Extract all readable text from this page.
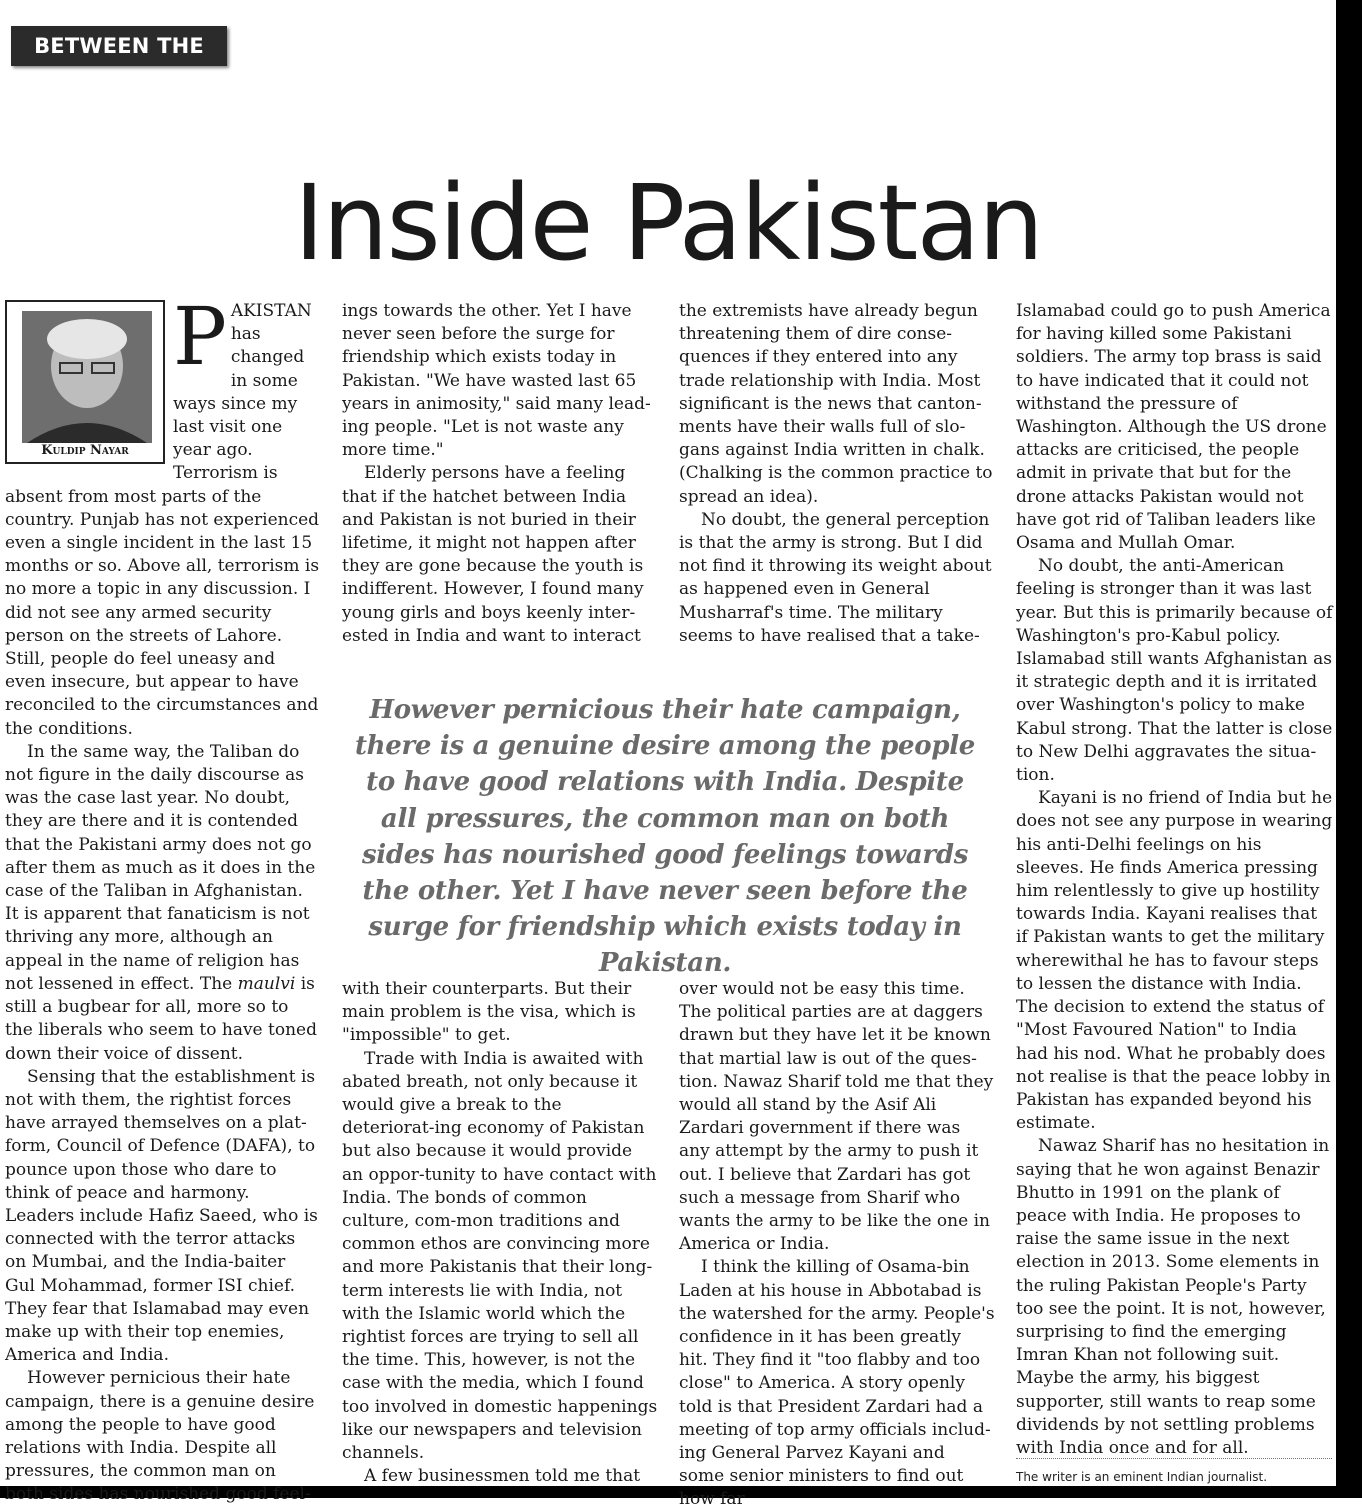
BETWEEN THE LINES
Inside Pakistan
Kuldip Nayar
P AKISTAN has changed in some ways since my last visit one year ago. Terrorism is absent from most parts of the country. Punjab has not experienced even a single incident in the last 15 months or so. Above all, terrorism is no more a topic in any discussion. I did not see any armed security person on the streets of Lahore. Still, people do feel uneasy and even insecure, but appear to have reconciled to the circumstances and the conditions.

In the same way, the Taliban do not figure in the daily discourse as was the case last year. No doubt, they are there and it is contended that the Pakistani army does not go after them as much as it does in the case of the Taliban in Afghanistan. It is apparent that fanaticism is not thriving any more, although an appeal in the name of religion has not lessened in effect. The maulvi is still a bugbear for all, more so to the liberals who seem to have toned down their voice of dissent.

Sensing that the establishment is not with them, the rightist forces have arrayed themselves on a plat-form, Council of Defence (DAFA), to pounce upon those who dare to think of peace and harmony. Leaders include Hafiz Saeed, who is connected with the terror attacks on Mumbai, and the India-baiter Gul Mohammad, former ISI chief. They fear that Islamabad may even make up with their top enemies, America and India.

However pernicious their hate campaign, there is a genuine desire among the people to have good relations with India. Despite all pressures, the common man on both sides has nourished good feel-

ings towards the other. Yet I have never seen before the surge for friendship which exists today in Pakistan. "We have wasted last 65 years in animosity," said many lead-ing people. "Let is not waste any more time."

Elderly persons have a feeling that if the hatchet between India and Pakistan is not buried in their lifetime, it might not happen after they are gone because the youth is indifferent. However, I found many young girls and boys keenly inter-ested in India and want to interact

the extremists have already begun threatening them of dire conse-quences if they entered into any trade relationship with India. Most significant is the news that canton-ments have their walls full of slo-gans against India written in chalk. (Chalking is the common practice to spread an idea).

No doubt, the general perception is that the army is strong. But I did not find it throwing its weight about as happened even in General Musharraf's time. The military seems to have realised that a take-

However pernicious their hate campaign, there is a genuine desire among the people to have good relations with India. Despite all pressures, the common man on both sides has nourished good feelings towards the other. Yet I have never seen before the surge for friendship which exists today in Pakistan.

with their counterparts. But their main problem is the visa, which is "impossible" to get.

Trade with India is awaited with abated breath, not only because it would give a break to the deteriorat-ing economy of Pakistan but also because it would provide an oppor-tunity to have contact with India. The bonds of common culture, com-mon traditions and common ethos are convincing more and more Pakistanis that their long-term interests lie with India, not with the Islamic world which the rightist forces are trying to sell all the time. This, however, is not the case with the media, which I found too involved in domestic happenings like our newspapers and television channels.

A few businessmen told me that

over would not be easy this time. The political parties are at daggers drawn but they have let it be known that martial law is out of the ques-tion. Nawaz Sharif told me that they would all stand by the Asif Ali Zardari government if there was any attempt by the army to push it out. I believe that Zardari has got such a message from Sharif who wants the army to be like the one in America or India.

I think the killing of Osama-bin Laden at his house in Abbotabad is the watershed for the army. People's confidence in it has been greatly hit. They find it "too flabby and too close" to America. A story openly told is that President Zardari had a meeting of top army officials includ-ing General Parvez Kayani and some senior ministers to find out how far

Islamabad could go to push America for having killed some Pakistani soldiers. The army top brass is said to have indicated that it could not withstand the pressure of Washington. Although the US drone attacks are criticised, the people admit in private that but for the drone attacks Pakistan would not have got rid of Taliban leaders like Osama and Mullah Omar.

No doubt, the anti-American feeling is stronger than it was last year. But this is primarily because of Washington's pro-Kabul policy. Islamabad still wants Afghanistan as it strategic depth and it is irritated over Washington's policy to make Kabul strong. That the latter is close to New Delhi aggravates the situa-tion.

Kayani is no friend of India but he does not see any purpose in wearing his anti-Delhi feelings on his sleeves. He finds America pressing him relentlessly to give up hostility towards India. Kayani realises that if Pakistan wants to get the military wherewithal he has to favour steps to lessen the distance with India. The decision to extend the status of "Most Favoured Nation" to India had his nod. What he probably does not realise is that the peace lobby in Pakistan has expanded beyond his estimate.

Nawaz Sharif has no hesitation in saying that he won against Benazir Bhutto in 1991 on the plank of peace with India. He proposes to raise the same issue in the next election in 2013. Some elements in the ruling Pakistan People's Party too see the point. It is not, however, surprising to find the emerging Imran Khan not following suit. Maybe the army, his biggest supporter, still wants to reap some dividends by not settling problems with India once and for all.

The writer is an eminent Indian journalist.
